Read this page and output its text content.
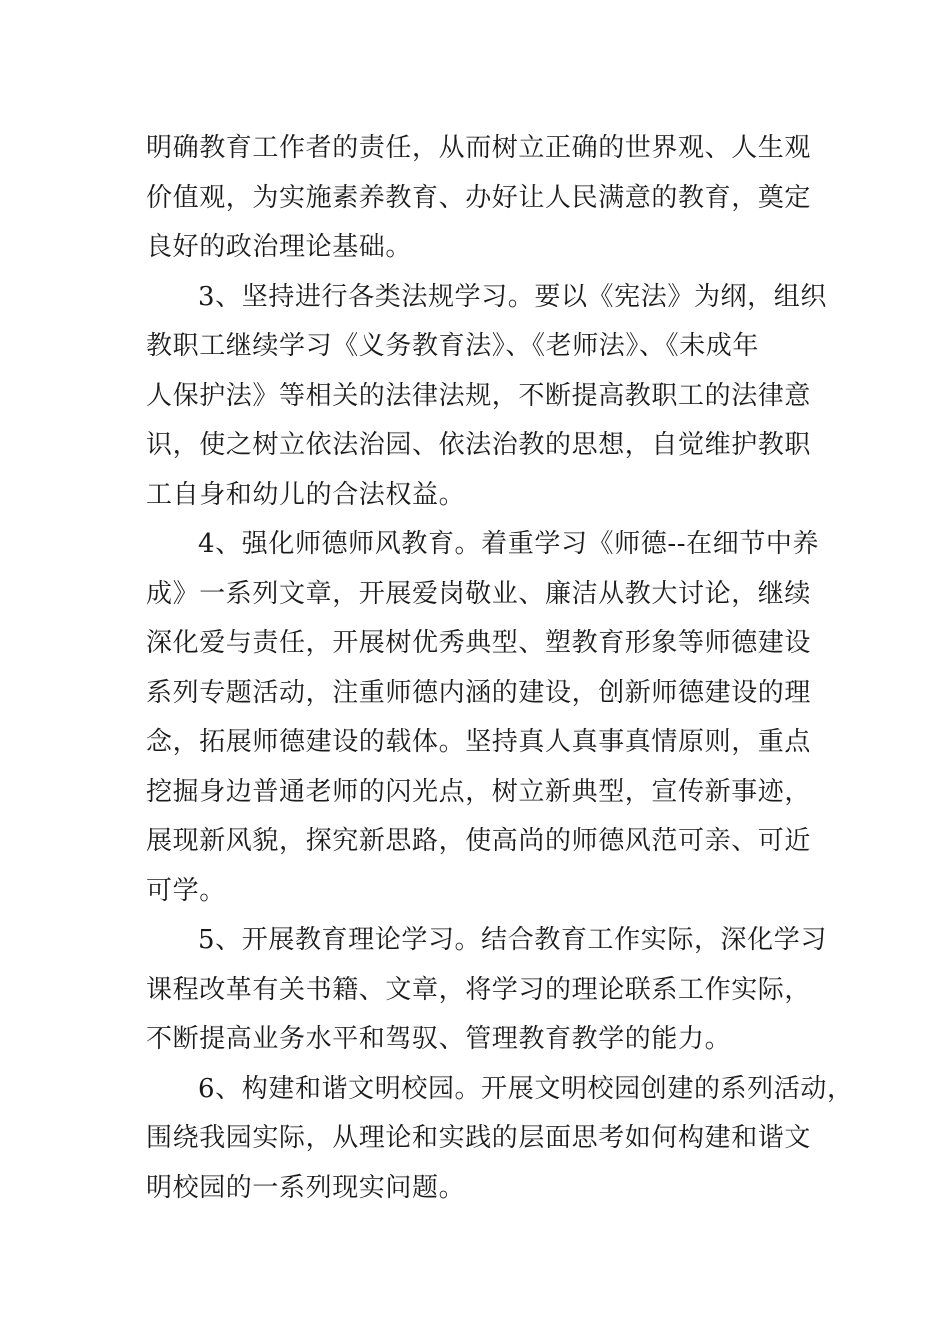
明确教育工作者的责任，从而树立正确的世界观、人生观
价值观，为实施素养教育、办好让人民满意的教育，奠定
良好的政治理论基础。
3、坚持进行各类法规学习。要以《宪法》为纲，组织
教职工继续学习《义务教育法》、《老师法》、《未成年
人保护法》等相关的法律法规，不断提高教职工的法律意
识，使之树立依法治园、依法治教的思想，自觉维护教职
工自身和幼儿的合法权益。
4、强化师德师风教育。着重学习《师德--在细节中养
成》一系列文章，开展爱岗敬业、廉洁从教大讨论，继续
深化爱与责任，开展树优秀典型、塑教育形象等师德建设
系列专题活动，注重师德内涵的建设，创新师德建设的理
念，拓展师德建设的载体。坚持真人真事真情原则，重点
挖掘身边普通老师的闪光点，树立新典型，宣传新事迹，
展现新风貌，探究新思路，使高尚的师德风范可亲、可近
可学。
5、开展教育理论学习。结合教育工作实际，深化学习
课程改革有关书籍、文章，将学习的理论联系工作实际，
不断提高业务水平和驾驭、管理教育教学的能力。
6、构建和谐文明校园。开展文明校园创建的系列活动，
围绕我园实际，从理论和实践的层面思考如何构建和谐文
明校园的一系列现实问题。
